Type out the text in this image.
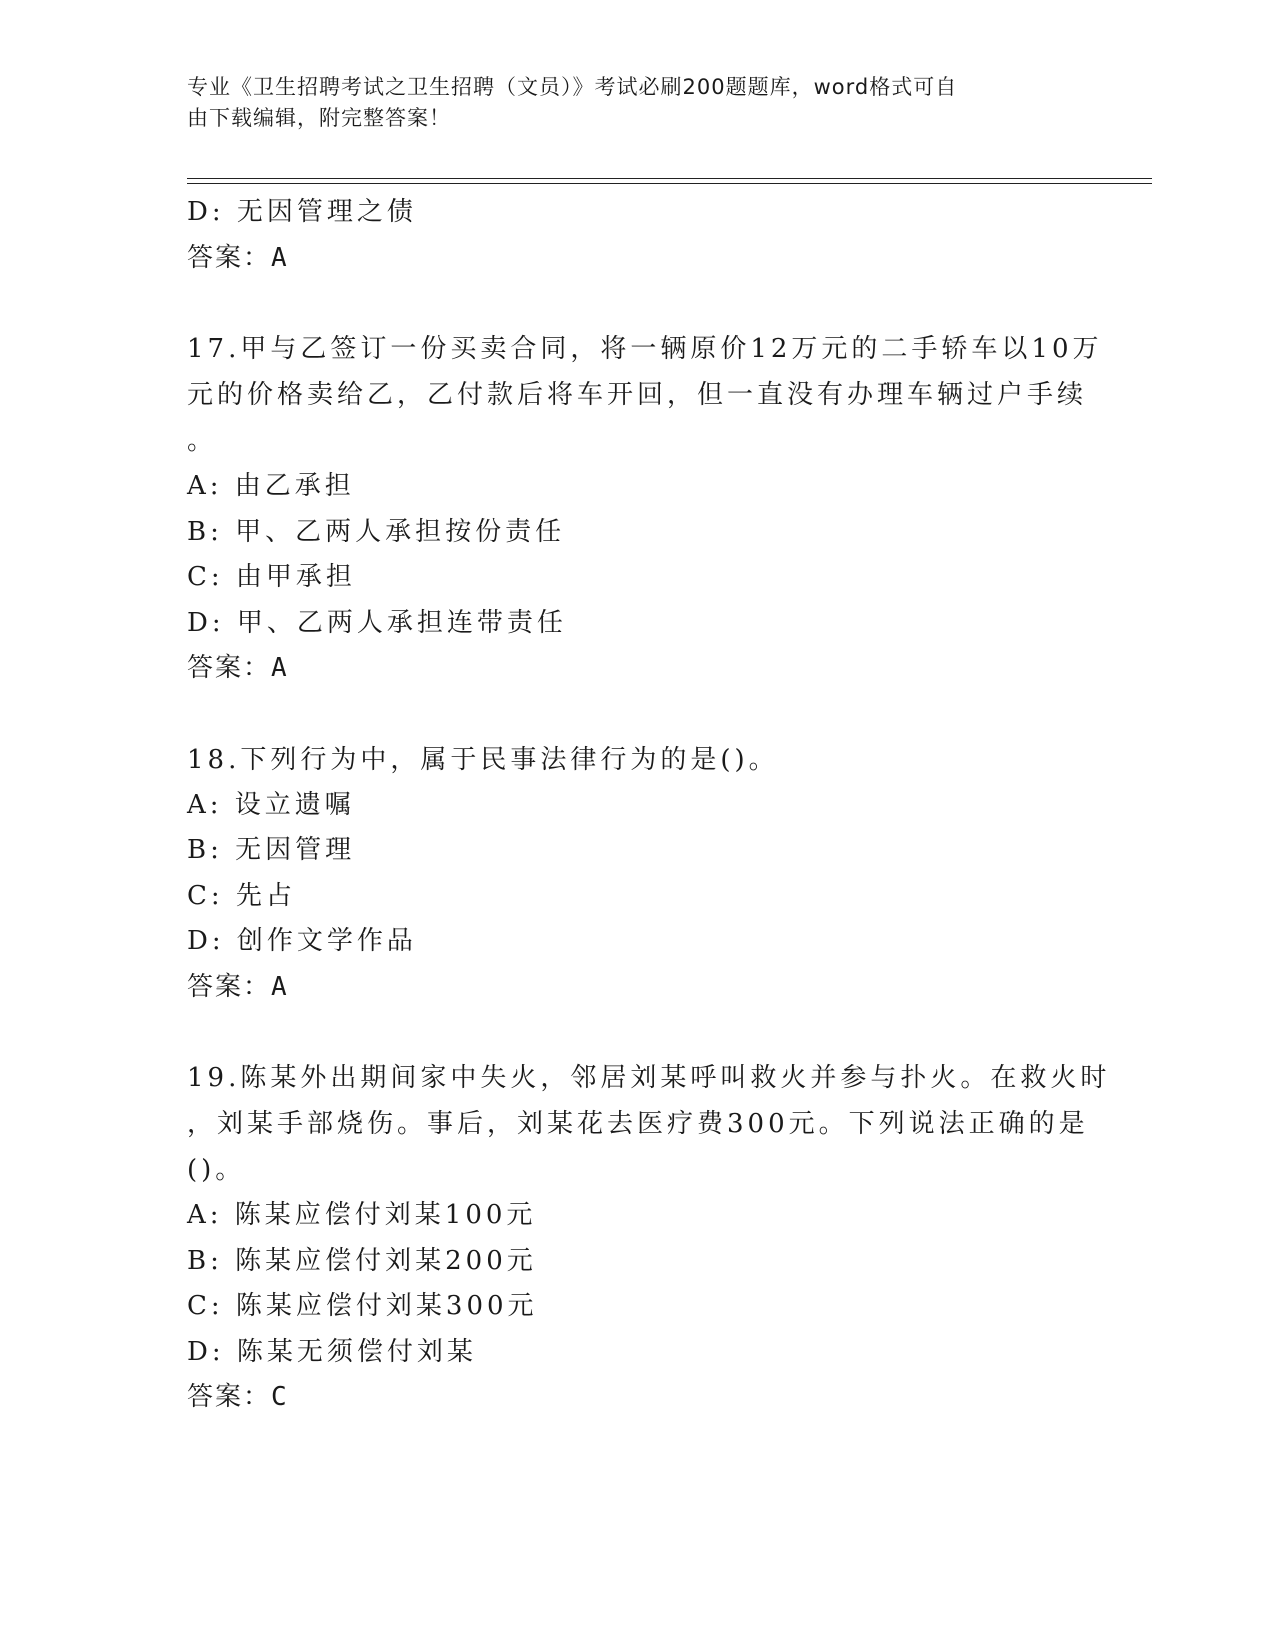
专业《卫生招聘考试之卫生招聘（文员）》考试必刷200题题库，word格式可自
由下载编辑，附完整答案！
D: 无因管理之债
答案：A
17.甲与乙签订一份买卖合同，将一辆原价12万元的二手轿车以10万
元的价格卖给乙，乙付款后将车开回，但一直没有办理车辆过户手续
。
A: 由乙承担
B: 甲、乙两人承担按份责任
C: 由甲承担
D: 甲、乙两人承担连带责任
答案：A
18.下列行为中，属于民事法律行为的是()。
A: 设立遗嘱
B: 无因管理
C: 先占
D: 创作文学作品
答案：A
19.陈某外出期间家中失火，邻居刘某呼叫救火并参与扑火。在救火时
，刘某手部烧伤。事后，刘某花去医疗费300元。下列说法正确的是
()。
A: 陈某应偿付刘某100元
B: 陈某应偿付刘某200元
C: 陈某应偿付刘某300元
D: 陈某无须偿付刘某
答案：C
